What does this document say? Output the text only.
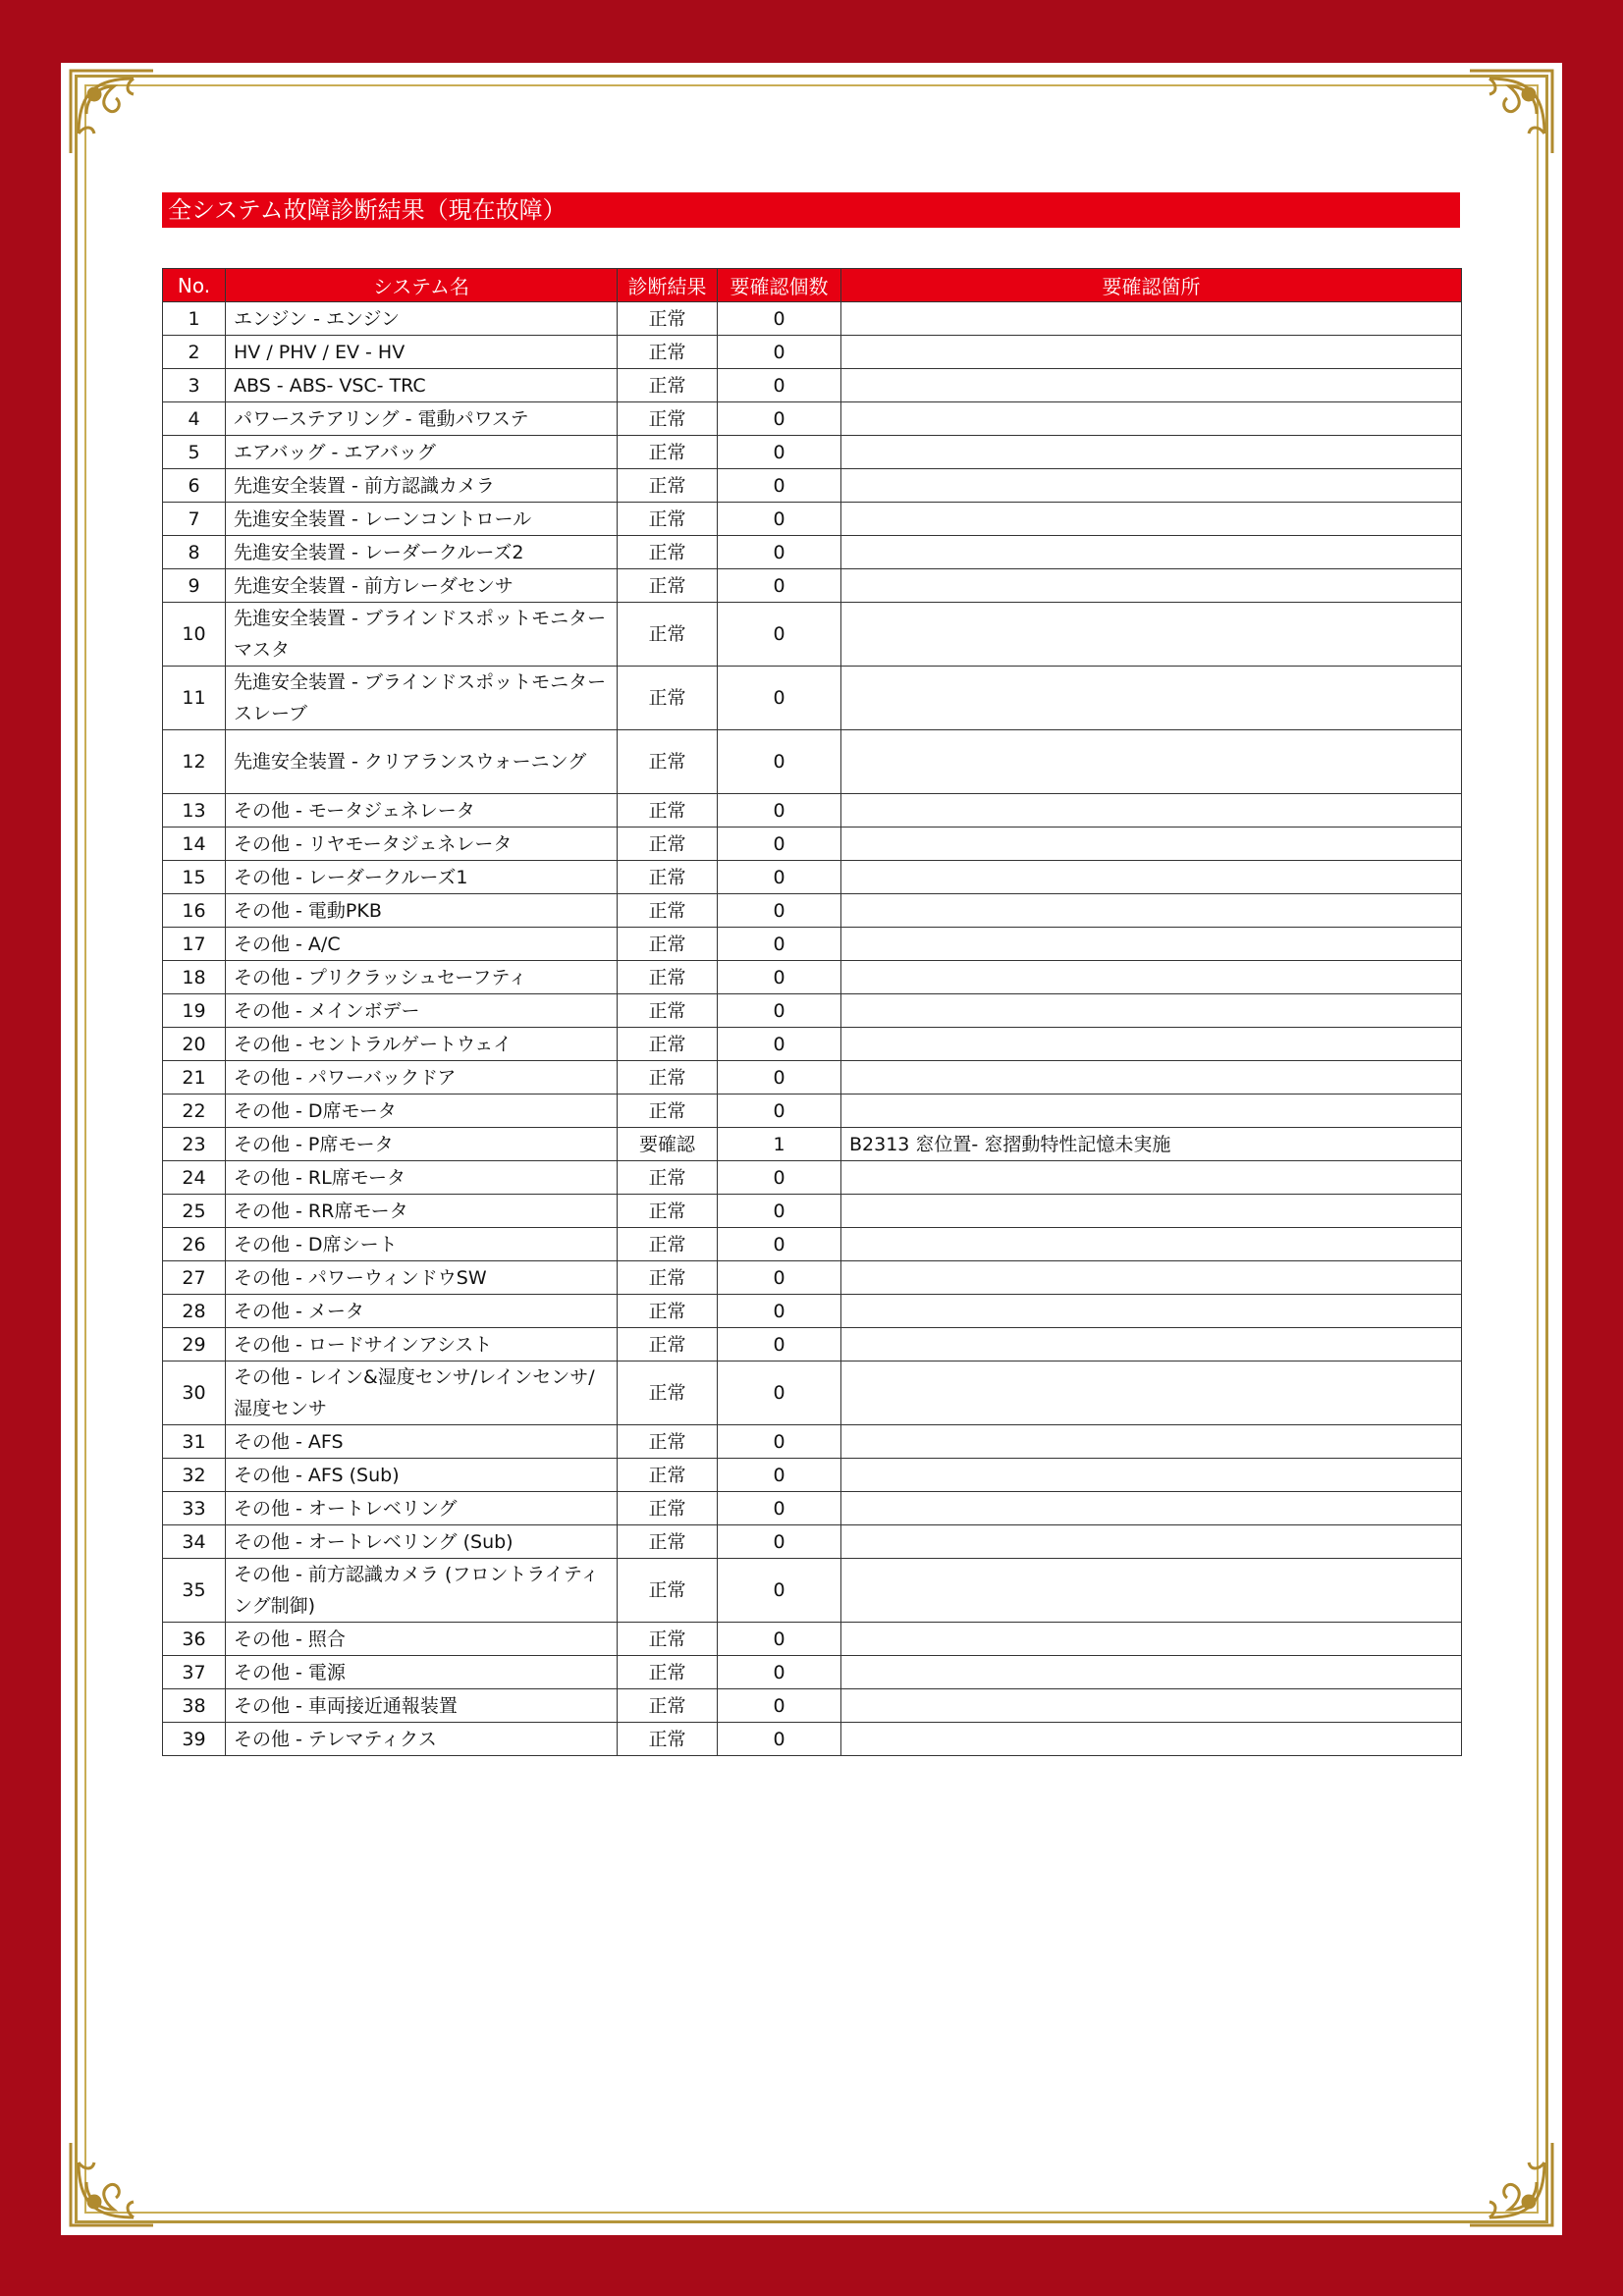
全システム故障診断結果（現在故障）
No.	システム名	診断結果	要確認個数	要確認箇所
1	エンジン - エンジン	正常	0	
2	HV / PHV / EV - HV	正常	0	
3	ABS - ABS- VSC- TRC	正常	0	
4	パワーステアリング - 電動パワステ	正常	0	
5	エアバッグ - エアバッグ	正常	0	
6	先進安全装置 - 前方認識カメラ	正常	0	
7	先進安全装置 - レーンコントロール	正常	0	
8	先進安全装置 - レーダークルーズ2	正常	0	
9	先進安全装置 - 前方レーダセンサ	正常	0	
10	先進安全装置 - ブラインドスポットモニター マスタ	正常	0	
11	先進安全装置 - ブラインドスポットモニター スレーブ	正常	0	
12	先進安全装置 - クリアランスウォーニング	正常	0	
13	その他 - モータジェネレータ	正常	0	
14	その他 - リヤモータジェネレータ	正常	0	
15	その他 - レーダークルーズ1	正常	0	
16	その他 - 電動PKB	正常	0	
17	その他 - A/C	正常	0	
18	その他 - プリクラッシュセーフティ	正常	0	
19	その他 - メインボデー	正常	0	
20	その他 - セントラルゲートウェイ	正常	0	
21	その他 - パワーバックドア	正常	0	
22	その他 - D席モータ	正常	0	
23	その他 - P席モータ	要確認	1	B2313 窓位置- 窓摺動特性記憶未実施
24	その他 - RL席モータ	正常	0	
25	その他 - RR席モータ	正常	0	
26	その他 - D席シート	正常	0	
27	その他 - パワーウィンドウSW	正常	0	
28	その他 - メータ	正常	0	
29	その他 - ロードサインアシスト	正常	0	
30	その他 - レイン&湿度センサ/レインセンサ/湿度センサ	正常	0	
31	その他 - AFS	正常	0	
32	その他 - AFS (Sub)	正常	0	
33	その他 - オートレベリング	正常	0	
34	その他 - オートレベリング (Sub)	正常	0	
35	その他 - 前方認識カメラ (フロントライティング制御)	正常	0	
36	その他 - 照合	正常	0	
37	その他 - 電源	正常	0	
38	その他 - 車両接近通報装置	正常	0	
39	その他 - テレマティクス	正常	0	
